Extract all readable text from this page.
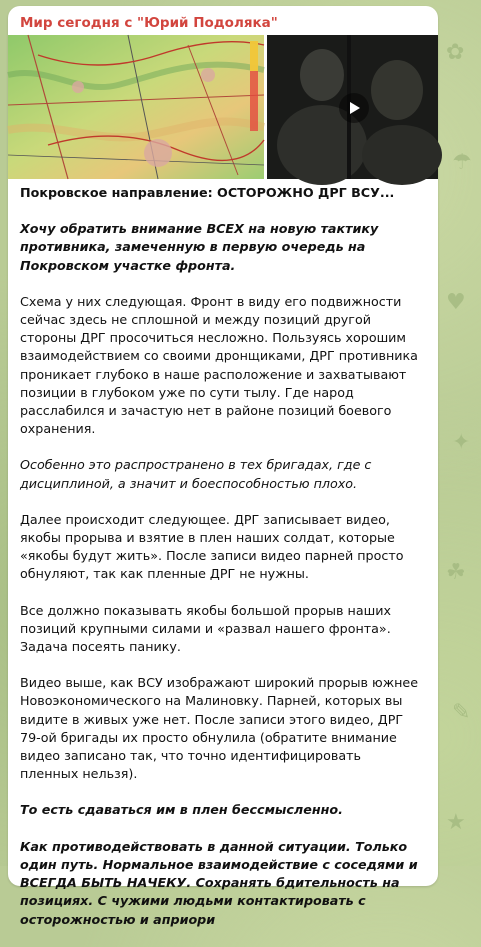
✿
☂
♥
✦
☘
✎
★
Мир сегодня с "Юрий Подоляка"

Покровское направление: ОСТОРОЖНО ДРГ ВСУ...

Хочу обратить внимание ВСЕХ на новую тактику противника, замеченную в первую очередь на Покровском участке фронта.

Схема у них следующая. Фронт в виду его подвижности сейчас здесь не сплошной и между позиций другой стороны ДРГ просочиться несложно. Пользуясь хорошим взаимодействием со своими дронщиками, ДРГ противника проникает глубоко в наше расположение и захватывают позиции в глубоком уже по сути тылу. Где народ расслабился и зачастую нет в районе позиций боевого охранения.

Особенно это распространено в тех бригадах, где с дисциплиной, а значит и боеспособностью плохо.

Далее происходит следующее. ДРГ записывает видео, якобы прорыва и взятие в плен наших солдат, которые «якобы будут жить». После записи видео парней просто обнуляют, так как пленные ДРГ не нужны.

Все должно показывать якобы большой прорыв наших позиций крупными силами и «развал нашего фронта». Задача посеять панику.

Видео выше, как ВСУ изображают широкий прорыв южнее Новоэкономического на Малиновку. Парней, которых вы видите в живых уже нет. После записи этого видео, ДРГ 79-ой бригады их просто обнулила (обратите внимание видео записано так, что точно идентифицировать пленных нельзя).

То есть сдаваться им в плен бессмысленно.

Как противодействовать в данной ситуации. Только один путь. Нормальное взаимодействие с соседями и ВСЕГДА БЫТЬ НАЧЕКУ. Сохранять бдительность на позициях. С чужими людьми контактировать с осторожностью и априори
